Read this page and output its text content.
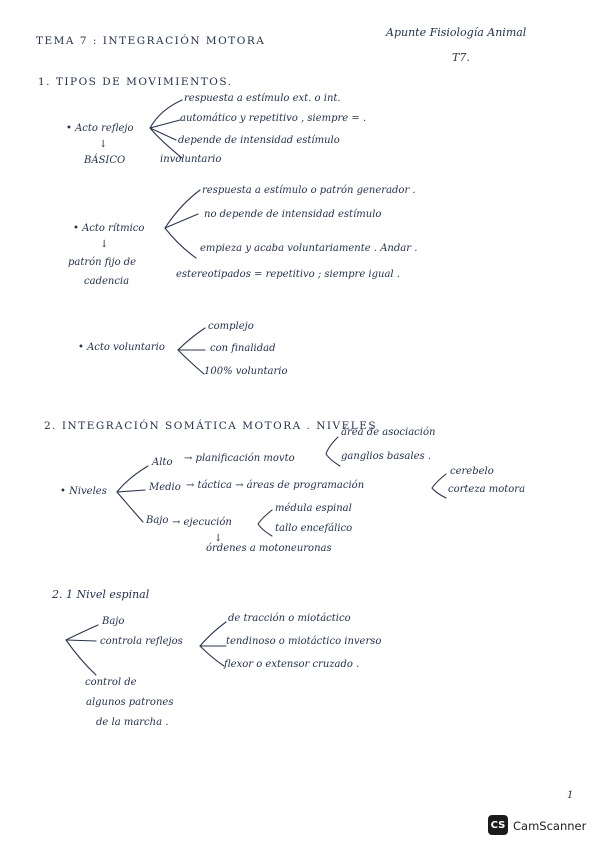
TEMA 7 : INTEGRACIÓN MOTORA
Apunte Fisiología Animal
T7.
1. TIPOS DE MOVIMIENTOS.
respuesta a estímulo ext. o int.
automático y repetitivo , siempre = .
depende de intensidad estímulo
involuntario
• Acto reflejo
↓
BÁSICO
respuesta a estímulo o patrón generador .
no depende de intensidad estímulo
empieza y acaba voluntariamente . Andar .
estereotipados = repetitivo ; siempre igual .
• Acto rítmico
↓
patrón fijo de
cadencia
complejo
con finalidad
100% voluntario
• Acto voluntario
2. INTEGRACIÓN SOMÁTICA MOTORA . NIVELES
área de asociación
ganglios basales .
Alto → planificación movto
cerebelo
corteza motora
• Niveles	Medio → táctica → áreas de programación
médula espinal
tallo encefálico
Bajo → ejecución
↓
órdenes a motoneuronas
2. 1 Nivel espinal
de tracción o miotáctico
Bajo
tendinoso o miotáctico inverso
controla reflejos
flexor o extensor cruzado .
control de
algunos patrones
de la marcha .
1
CS CamScanner
